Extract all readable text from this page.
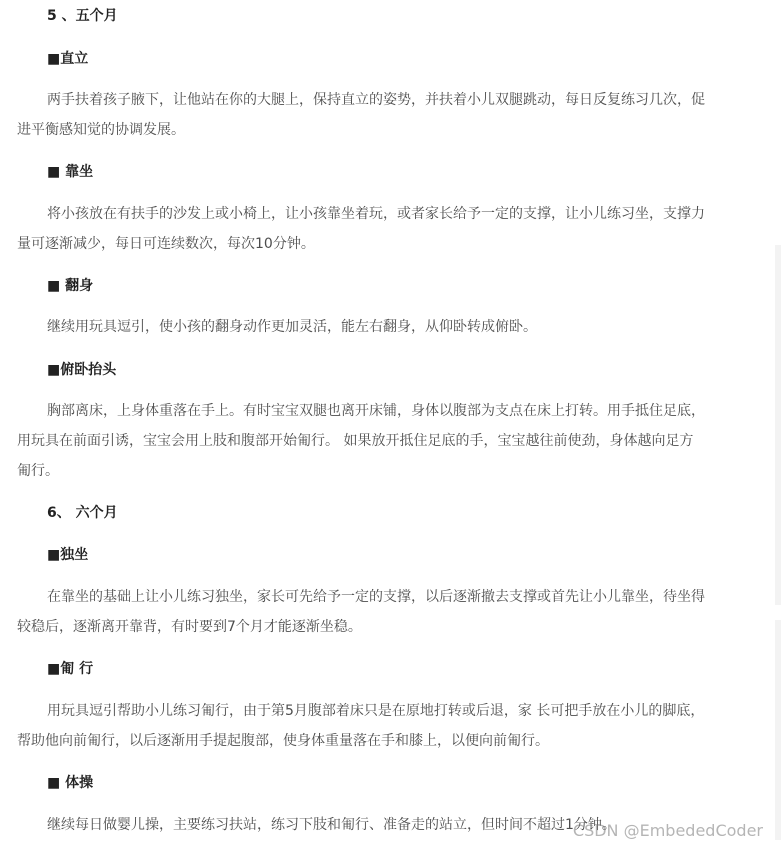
5 、五个月
■直立
两手扶着孩子腋下，让他站在你的大腿上，保持直立的姿势，并扶着小儿双腿跳动，每日反复练习几次，促
进平衡感知觉的协调发展。
■ 靠坐
将小孩放在有扶手的沙发上或小椅上，让小孩靠坐着玩，或者家长给予一定的支撑，让小儿练习坐，支撑力
量可逐渐减少，每日可连续数次，每次10分钟。
■ 翻身
继续用玩具逗引，使小孩的翻身动作更加灵活，能左右翻身，从仰卧转成俯卧。
■俯卧抬头
胸部离床，上身体重落在手上。有时宝宝双腿也离开床铺，身体以腹部为支点在床上打转。用手抵住足底，
用玩具在前面引诱，宝宝会用上肢和腹部开始匍行。 如果放开抵住足底的手，宝宝越往前使劲，身体越向足方
匍行。
6、 六个月
■独坐
在靠坐的基础上让小儿练习独坐，家长可先给予一定的支撑，以后逐渐撤去支撑或首先让小儿靠坐，待坐得
较稳后，逐渐离开靠背，有时要到7个月才能逐渐坐稳。
■匍 行
用玩具逗引帮助小儿练习匍行，由于第5月腹部着床只是在原地打转或后退，家 长可把手放在小儿的脚底，
帮助他向前匍行，以后逐渐用手提起腹部，使身体重量落在手和膝上，以便向前匍行。
■ 体操
继续每日做婴儿操，主要练习扶站，练习下肢和匍行、准备走的站立，但时间不超过1分钟。
CSDN @EmbededCoder
